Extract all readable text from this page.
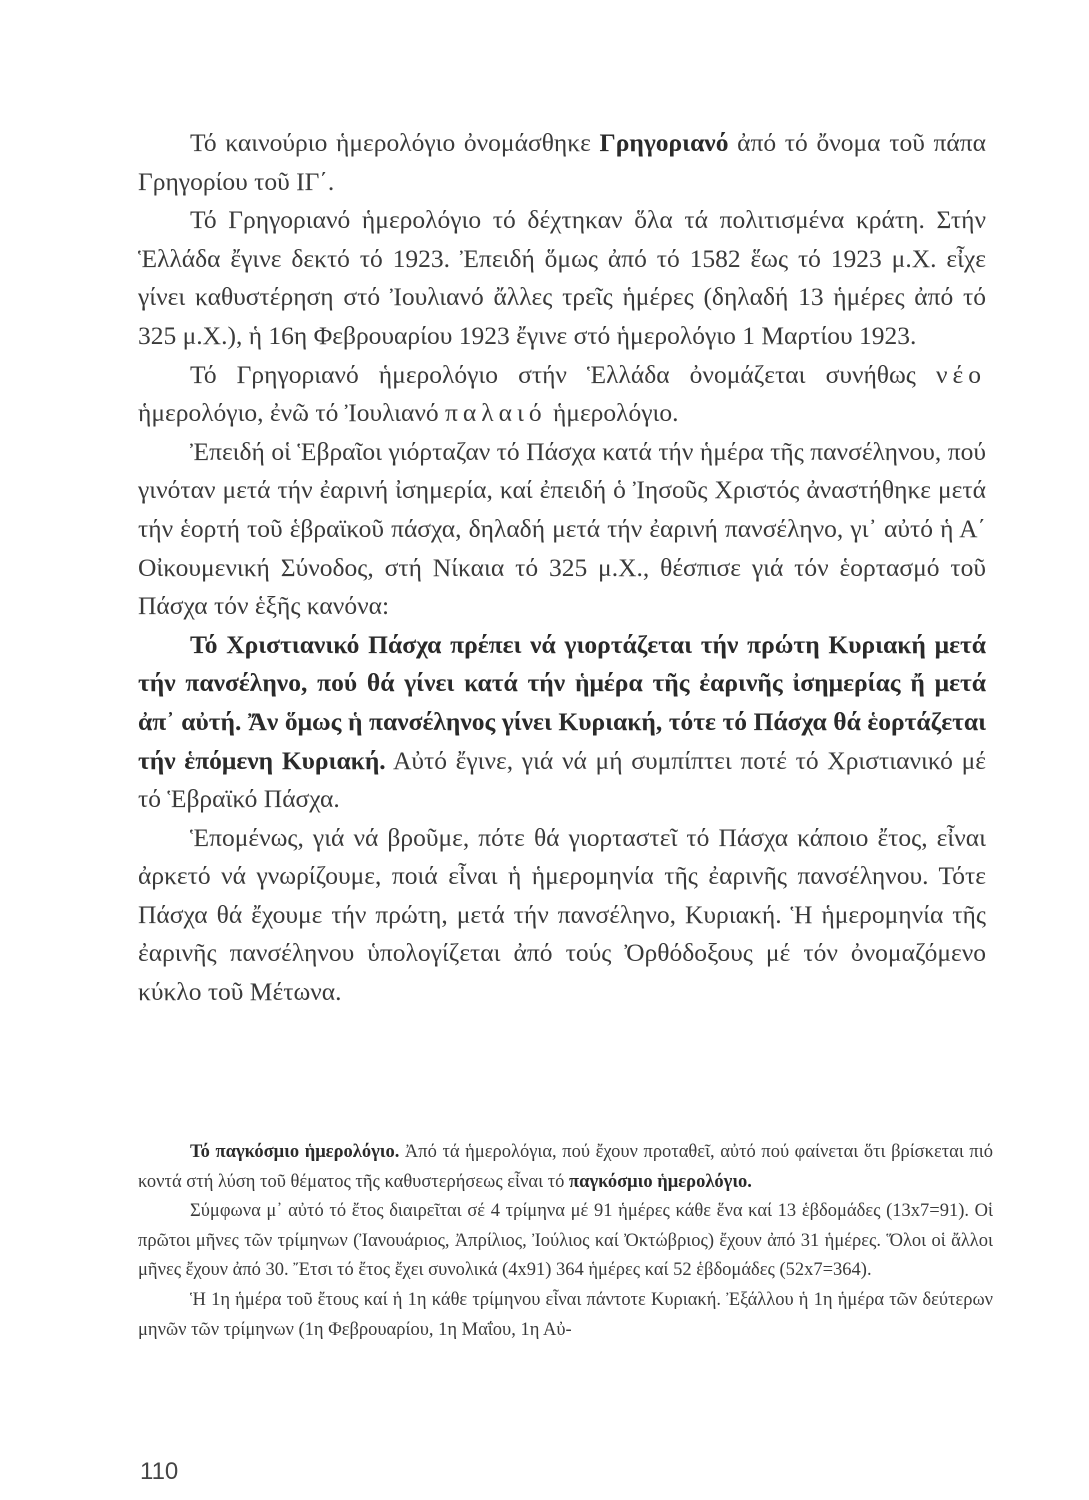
Τό καινούριο ἡμερολόγιο ὀνομάσθηκε Γρηγοριανό ἀπό τό ὄνομα τοῦ πάπα Γρηγορίου τοῦ ΙΓ΄.

Τό Γρηγοριανό ἡμερολόγιο τό δέχτηκαν ὅλα τά πολιτισμένα κράτη. Στήν Ἑλλάδα ἔγινε δεκτό τό 1923. Ἐπειδή ὅμως ἀπό τό 1582 ἕως τό 1923 μ.Χ. εἶχε γίνει καθυστέρηση στό Ἰουλιανό ἄλλες τρεῖς ἡμέρες (δηλαδή 13 ἡμέρες ἀπό τό 325 μ.Χ.), ἡ 16η Φεβρουαρίου 1923 ἔγινε στό ἡμερολόγιο 1 Μαρτίου 1923.

Τό Γρηγοριανό ἡμερολόγιο στήν Ἑλλάδα ὀνομάζεται συνήθως νέο ἡμερολόγιο, ἐνῶ τό Ἰουλιανό παλαιό ἡμερολόγιο.

Ἐπειδή οἱ Ἑβραῖοι γιόρταζαν τό Πάσχα κατά τήν ἡμέρα τῆς πανσέληνου, πού γινόταν μετά τήν ἐαρινή ἰσημερία, καί ἐπειδή ὁ Ἰησοῦς Χριστός ἀναστήθηκε μετά τήν ἑορτή τοῦ ἑβραϊκοῦ πάσχα, δηλαδή μετά τήν ἐαρινή πανσέληνο, γι᾿ αὐτό ἡ Α΄ Οἰκουμενική Σύνοδος, στή Νίκαια τό 325 μ.Χ., θέσπισε γιά τόν ἑορτασμό τοῦ Πάσχα τόν ἑξῆς κανόνα:

Τό Χριστιανικό Πάσχα πρέπει νά γιορτάζεται τήν πρώτη Κυριακή μετά τήν πανσέληνο, πού θά γίνει κατά τήν ἡμέρα τῆς ἐαρινῆς ἰσημερίας ἤ μετά ἀπ᾿ αὐτή. Ἄν ὅμως ἡ πανσέληνος γίνει Κυριακή, τότε τό Πάσχα θά ἑορτάζεται τήν ἑπόμενη Κυριακή. Αὐτό ἔγινε, γιά νά μή συμπίπτει ποτέ τό Χριστιανικό μέ τό Ἑβραϊκό Πάσχα.

Ἑπομένως, γιά νά βροῦμε, πότε θά γιορταστεῖ τό Πάσχα κάποιο ἔτος, εἶναι ἀρκετό νά γνωρίζουμε, ποιά εἶναι ἡ ἡμερομηνία τῆς ἐαρινῆς πανσέληνου. Τότε Πάσχα θά ἔχουμε τήν πρώτη, μετά τήν πανσέληνο, Κυριακή. Ἡ ἡμερομηνία τῆς ἐαρινῆς πανσέληνου ὑπολογίζεται ἀπό τούς Ὀρθόδοξους μέ τόν ὀνομαζόμενο κύκλο τοῦ Μέτωνα.

Τό παγκόσμιο ἡμερολόγιο. Ἀπό τά ἡμερολόγια, πού ἔχουν προταθεῖ, αὐτό πού φαίνεται ὅτι βρίσκεται πιό κοντά στή λύση τοῦ θέματος τῆς καθυστερήσεως εἶναι τό παγκόσμιο ἡμερολόγιο.

Σύμφωνα μ᾿ αὐτό τό ἔτος διαιρεῖται σέ 4 τρίμηνα μέ 91 ἡμέρες κάθε ἕνα καί 13 ἑβδομάδες (13x7=91). Οἱ πρῶτοι μῆνες τῶν τρίμηνων (Ἰανουάριος, Ἀπρίλιος, Ἰούλιος καί Ὀκτώβριος) ἔχουν ἀπό 31 ἡμέρες. Ὅλοι οἱ ἄλλοι μῆνες ἔχουν ἀπό 30. Ἔτσι τό ἔτος ἔχει συνολικά (4x91) 364 ἡμέρες καί 52 ἑβδομάδες (52x7=364).

Ἡ 1η ἡμέρα τοῦ ἔτους καί ἡ 1η κάθε τρίμηνου εἶναι πάντοτε Κυριακή. Ἐξάλλου ἡ 1η ἡμέρα τῶν δεύτερων μηνῶν τῶν τρίμηνων (1η Φεβρουαρίου, 1η Μαΐου, 1η Αὐ-

110
